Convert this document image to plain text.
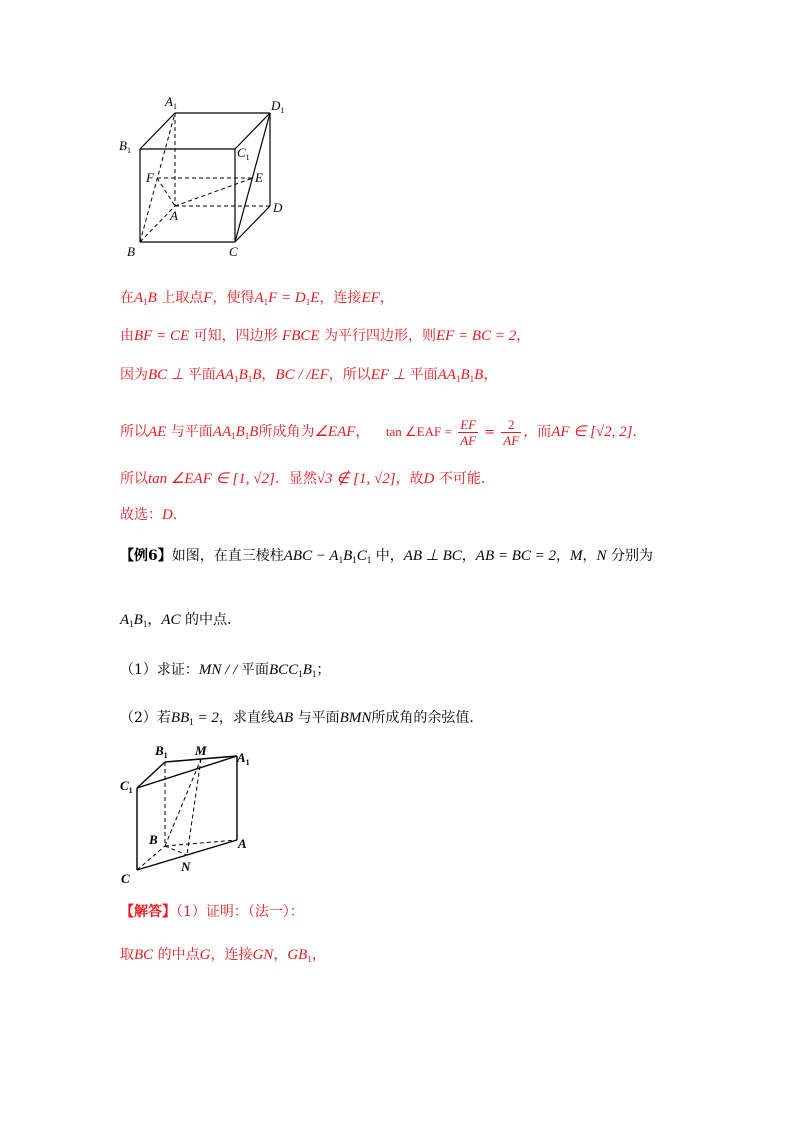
$A_1$	$D_1$
$B_1$	$C_1$
F	E
A
D
B	C
在$A_1B$ 上取点F，使得$A_1F = D_1E$，连接EF，
由BF = CE 可知，四边形 FBCE 为平行四边形，则EF = BC = 2，
因为BC ⊥ 平面$AA_1B_1B$，BC / /EF，所以EF ⊥ 平面$AA_1B_1B$，
所以AE 与平面$AA_1B_1B$所成角为∠EAF， tan ∠EAF = $\frac{EF}{AF} = \frac{2}{AF}$ ，而AF ∈ [√2, 2]．
所以tan ∠EAF ∈ [1, √2]．显然√3 ∉ [1, √2]，故D 不可能．
故选：D．
【例6】如图，在直三棱柱ABC − $A_1B_1C_1$ 中，AB ⊥ BC，AB = BC = 2，M，N 分别为
$A_1B_1$，AC 的中点.
（1）求证：MN / / 平面$BCC_1B_1$；
（2）若$BB_1 = 2$，求直线AB 与平面BMN所成角的余弦值.
$B_1$ M $A_1$
$C_1$
B	A
N
C
【解答】（1）证明：（法一）：
取BC 的中点G，连接GN，$GB_1$，
